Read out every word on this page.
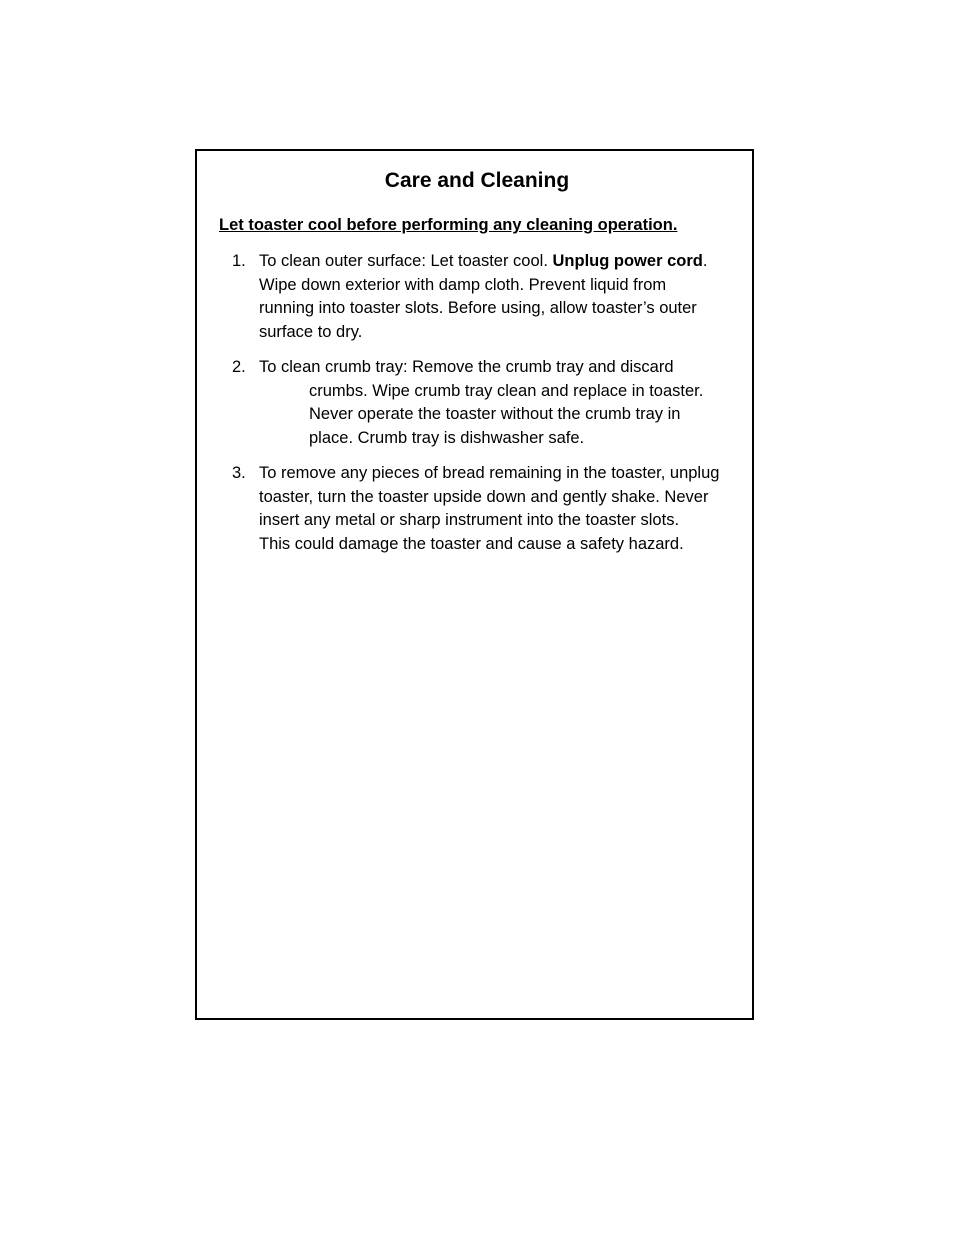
Care and Cleaning

Let toaster cool before performing any cleaning operation.

1. To clean outer surface: Let toaster cool. Unplug power cord.
Wipe down exterior with damp cloth. Prevent liquid from
running into toaster slots. Before using, allow toaster’s outer
surface to dry.
2. To clean crumb tray: Remove the crumb tray and discard
crumbs. Wipe crumb tray clean and replace in toaster.
Never operate the toaster without the crumb tray in
place. Crumb tray is dishwasher safe.
3. To remove any pieces of bread remaining in the toaster, unplug
toaster, turn the toaster upside down and gently shake. Never
insert any metal or sharp instrument into the toaster slots.
This could damage the toaster and cause a safety hazard.
